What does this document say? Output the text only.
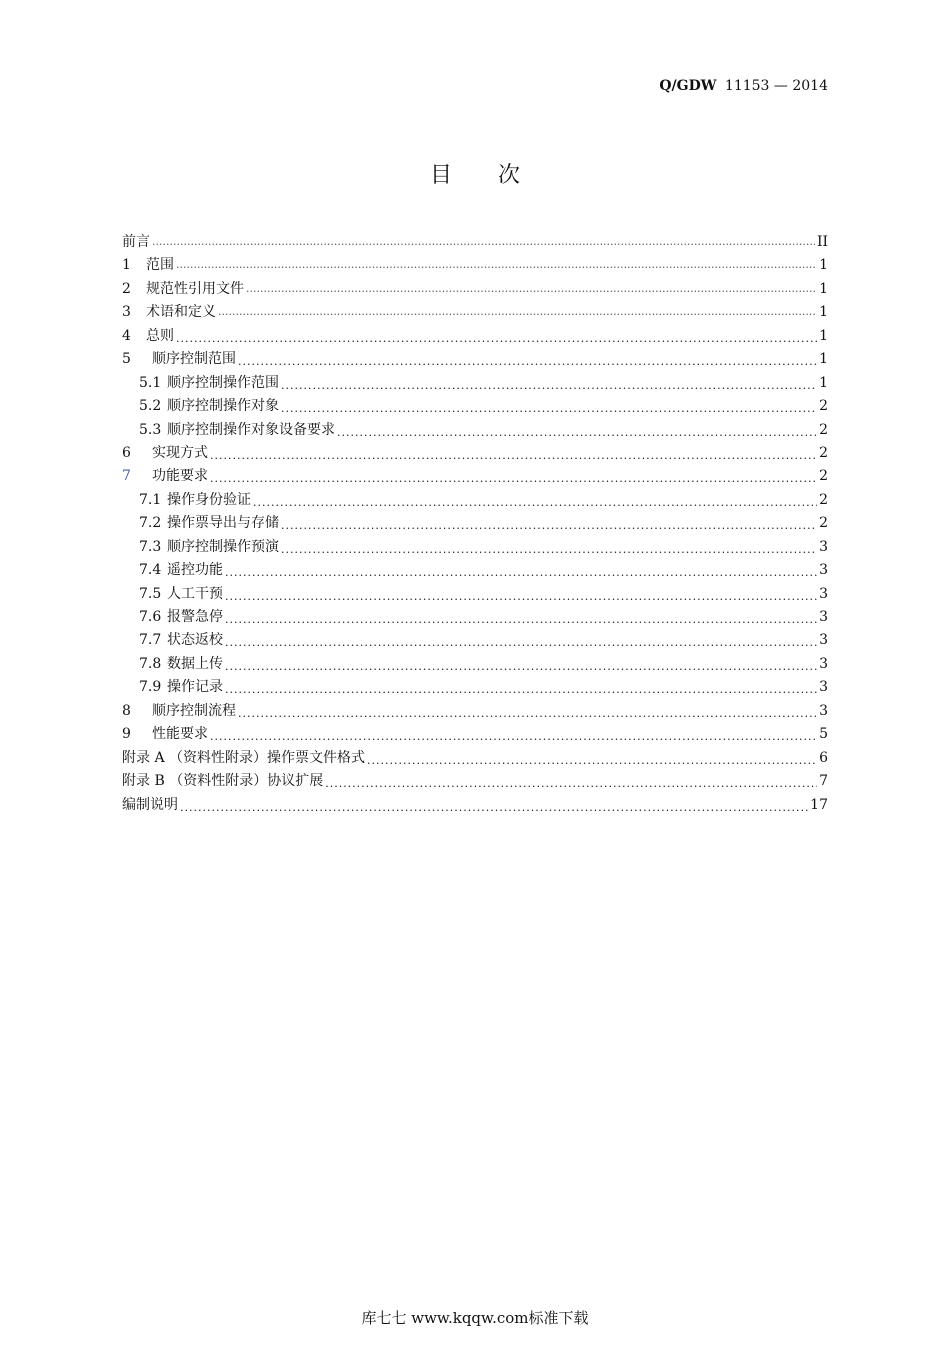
Q/GDW 11153 — 2014
目 次
前言 ·····	II
1	范围 ·····	1
2	规范性引用文件 ·····	1
3	术语和定义 ·····	1
4	总则 .....	1
5	顺序控制范围 .....	1
5.1 顺序控制操作范围 .....	1
5.2 顺序控制操作对象 .....	2
5.3 顺序控制操作对象设备要求 .....	2
6	实现方式 .....	2
7	功能要求 .....	2
7.1 操作身份验证 .....	2
7.2 操作票导出与存储 .....	2
7.3 顺序控制操作预演 .....	3
7.4 遥控功能 .....	3
7.5 人工干预 .....	3
7.6 报警急停 .....	3
7.7 状态返校 .....	3
7.8 数据上传 .....	3
7.9 操作记录 .....	3
8	顺序控制流程 .....	3
9	性能要求 .....	5
附录 A （资料性附录）操作票文件格式 .....	6
附录 B （资料性附录）协议扩展 .....	7
编制说明 .....	17
库七七 www.kqqw.com标准下载
